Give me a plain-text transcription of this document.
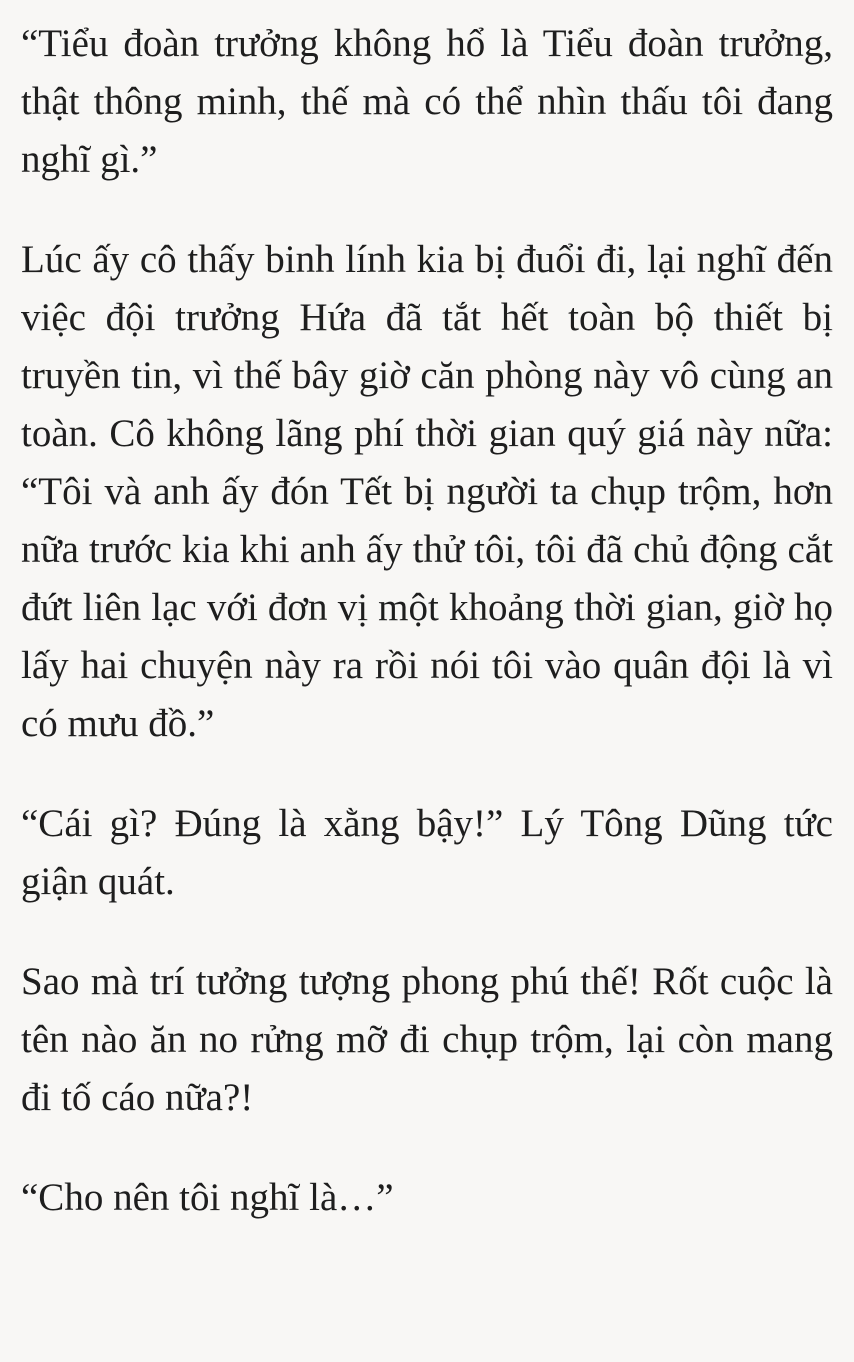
“Tiểu đoàn trưởng không hổ là Tiểu đoàn trưởng, thật thông minh, thế mà có thể nhìn thấu tôi đang nghĩ gì.”

Lúc ấy cô thấy binh lính kia bị đuổi đi, lại nghĩ đến việc đội trưởng Hứa đã tắt hết toàn bộ thiết bị truyền tin, vì thế bây giờ căn phòng này vô cùng an toàn. Cô không lãng phí thời gian quý giá này nữa: “Tôi và anh ấy đón Tết bị người ta chụp trộm, hơn nữa trước kia khi anh ấy thử tôi, tôi đã chủ động cắt đứt liên lạc với đơn vị một khoảng thời gian, giờ họ lấy hai chuyện này ra rồi nói tôi vào quân đội là vì có mưu đồ.”

“Cái gì? Đúng là xằng bậy!” Lý Tông Dũng tức giận quát.

Sao mà trí tưởng tượng phong phú thế! Rốt cuộc là tên nào ăn no rửng mỡ đi chụp trộm, lại còn mang đi tố cáo nữa?!

“Cho nên tôi nghĩ là…”
